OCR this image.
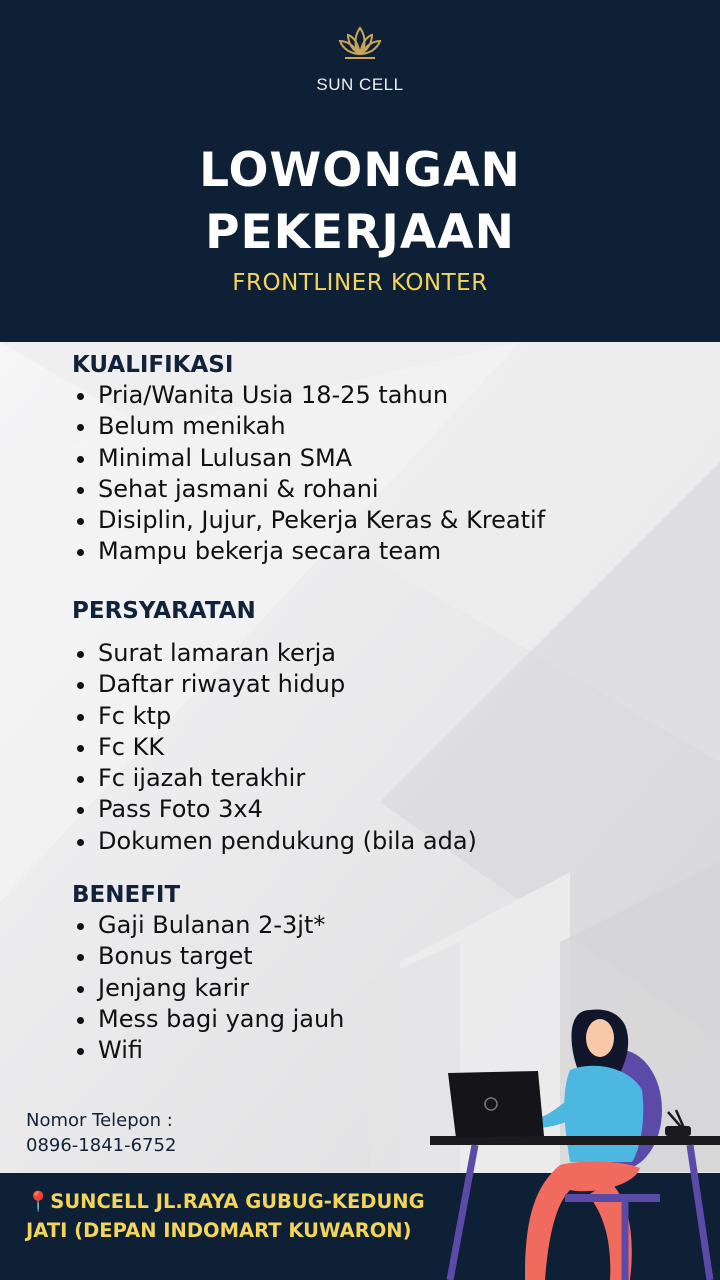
SUN CELL
LOWONGAN
PEKERJAAN
FRONTLINER KONTER
KUALIFIKASI
Pria/Wanita Usia 18-25 tahun
Belum menikah
Minimal Lulusan SMA
Sehat jasmani & rohani
Disiplin, Jujur, Pekerja Keras & Kreatif
Mampu bekerja secara team
PERSYARATAN
Surat lamaran kerja
Daftar riwayat hidup
Fc ktp
Fc KK
Fc ijazah terakhir
Pass Foto 3x4
Dokumen pendukung (bila ada)
BENEFIT
Gaji Bulanan 2-3jt*
Bonus target
Jenjang karir
Mess bagi yang jauh
Wifi
Nomor Telepon :
0896-1841-6752
📍SUNCELL JL.RAYA GUBUG-KEDUNG
JATI (DEPAN INDOMART KUWARON)
